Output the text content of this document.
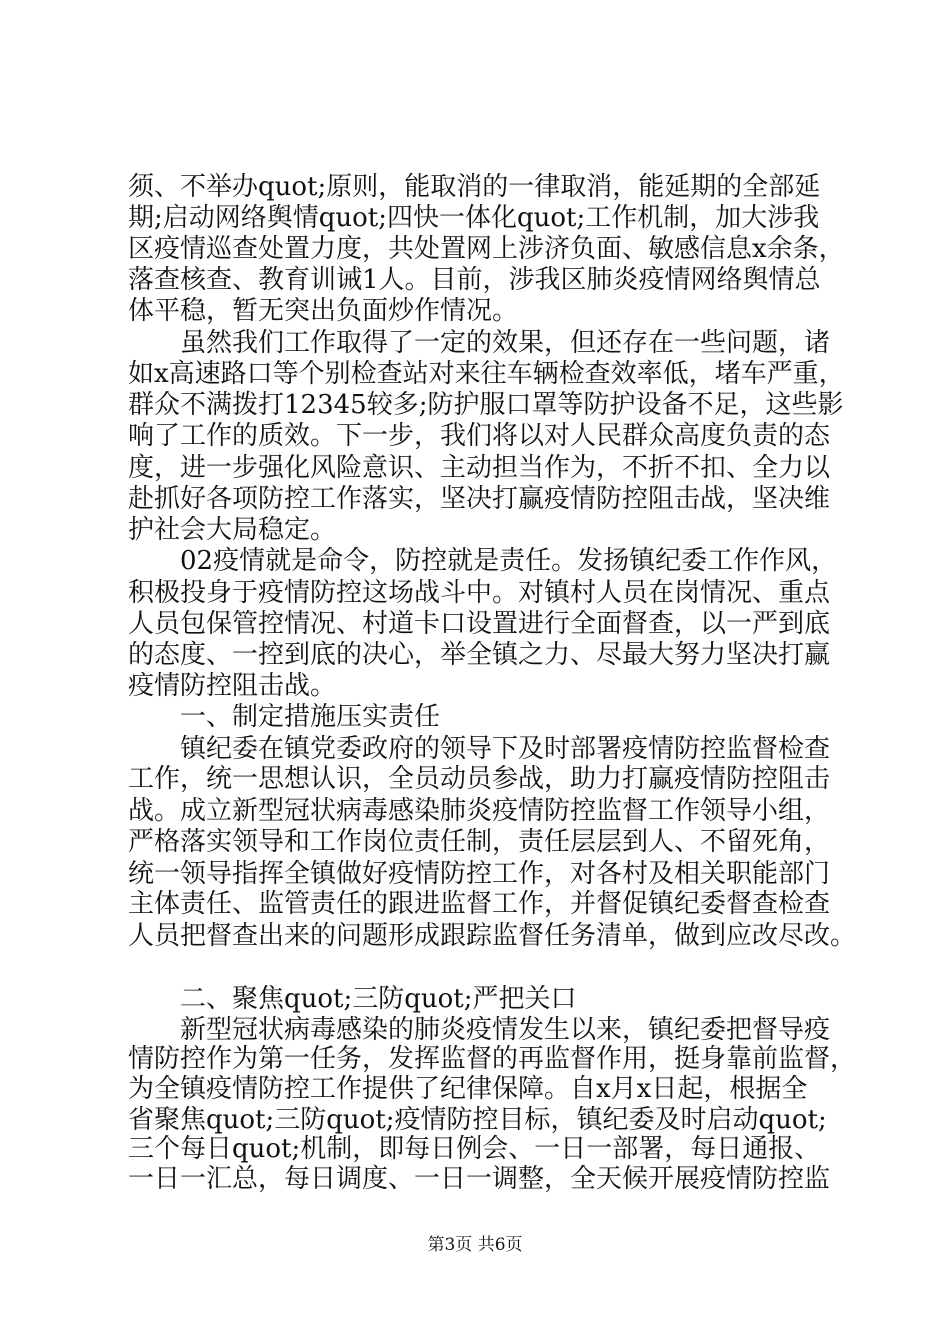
须、不举办quot;原则，能取消的一律取消，能延期的全部延
期;启动网络舆情quot;四快一体化quot;工作机制，加大涉我
区疫情巡查处置力度，共处置网上涉济负面、敏感信息x余条，
落查核查、教育训诫1人。目前，涉我区肺炎疫情网络舆情总
体平稳，暂无突出负面炒作情况。
虽然我们工作取得了一定的效果，但还存在一些问题，诸
如x高速路口等个别检查站对来往车辆检查效率低，堵车严重，
群众不满拨打12345较多;防护服口罩等防护设备不足，这些影
响了工作的质效。下一步，我们将以对人民群众高度负责的态
度，进一步强化风险意识、主动担当作为，不折不扣、全力以
赴抓好各项防控工作落实，坚决打赢疫情防控阻击战，坚决维
护社会大局稳定。
02疫情就是命令，防控就是责任。发扬镇纪委工作作风，
积极投身于疫情防控这场战斗中。对镇村人员在岗情况、重点
人员包保管控情况、村道卡口设置进行全面督查，以一严到底
的态度、一控到底的决心，举全镇之力、尽最大努力坚决打赢
疫情防控阻击战。
一、制定措施压实责任
镇纪委在镇党委政府的领导下及时部署疫情防控监督检查
工作，统一思想认识，全员动员参战，助力打赢疫情防控阻击
战。成立新型冠状病毒感染肺炎疫情防控监督工作领导小组，
严格落实领导和工作岗位责任制，责任层层到人、不留死角，
统一领导指挥全镇做好疫情防控工作，对各村及相关职能部门
主体责任、监管责任的跟进监督工作，并督促镇纪委督查检查
人员把督查出来的问题形成跟踪监督任务清单，做到应改尽改。
二、聚焦quot;三防quot;严把关口
新型冠状病毒感染的肺炎疫情发生以来，镇纪委把督导疫
情防控作为第一任务，发挥监督的再监督作用，挺身靠前监督，
为全镇疫情防控工作提供了纪律保障。自x月x日起，根据全
省聚焦quot;三防quot;疫情防控目标，镇纪委及时启动quot;
三个每日quot;机制，即每日例会、一日一部署，每日通报、
一日一汇总，每日调度、一日一调整，全天候开展疫情防控监
第3页 共6页
